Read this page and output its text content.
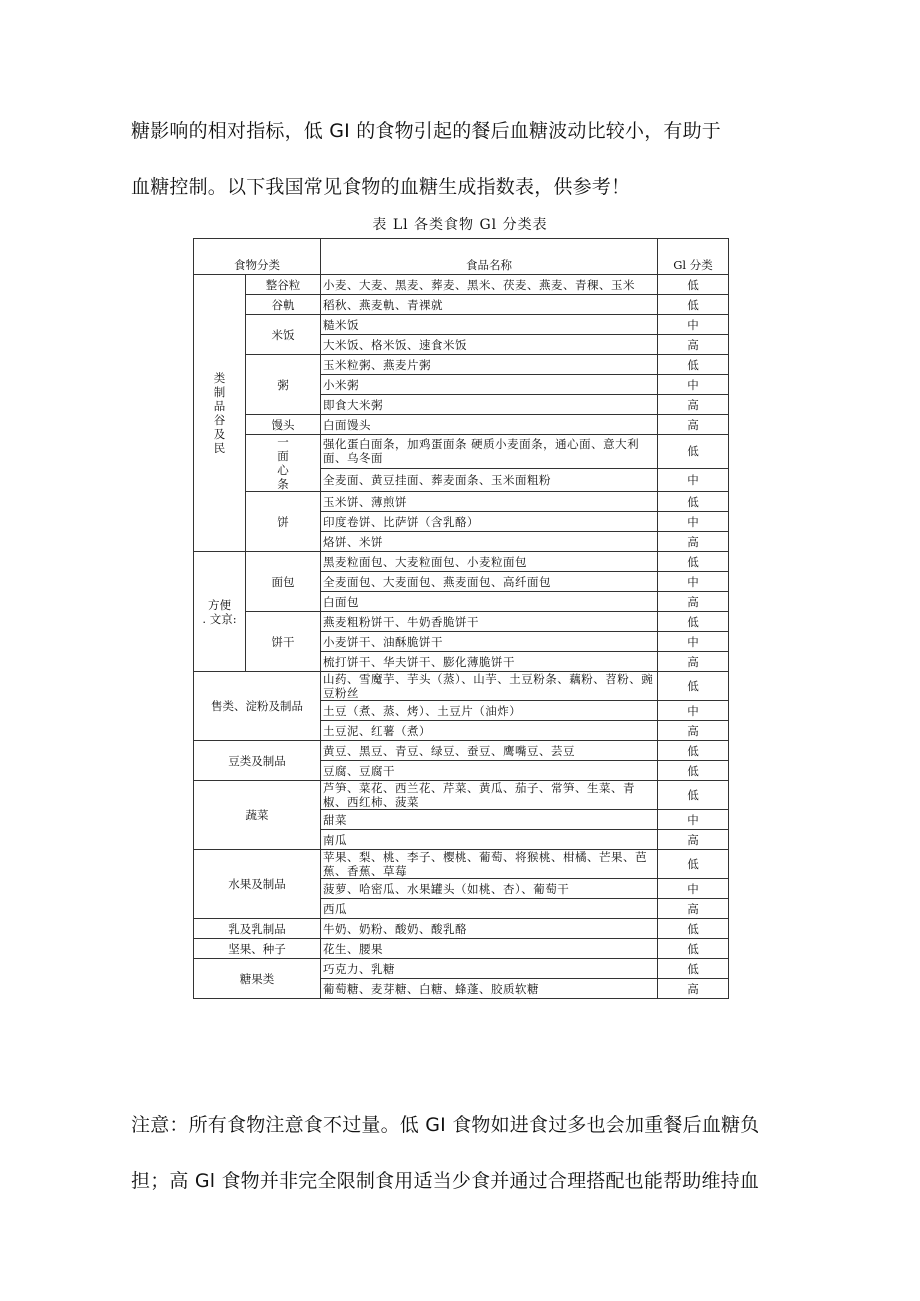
糖影响的相对指标，低 GI 的食物引起的餐后血糖波动比较小，有助于
血糖控制。以下我国常见食物的血糖生成指数表，供参考！
表 Ll 各类食物 Gl 分类表
食物分类		食品名称	Gl 分类
类制品谷及民	整谷粒	小麦、大麦、黑麦、葬麦、黑米、茯麦、燕麦、青稞、玉米	低
	谷軌	稻秋、燕麦軌、青裸就	低
	米饭	糙米饭	中
		大米饭、格米饭、速食米饭	高
	粥	玉米粒粥、燕麦片粥	低
		小米粥	中
		即食大米粥	高
	馒头	白面馒头	高
	一面心条	强化蛋白面条，加鸡蛋面条 硬质小麦面条，通心面、意大利面、乌冬面	低
		全麦面、黄豆挂面、葬麦面条、玉米面粗粉	中
	饼	玉米饼、薄煎饼	低
		印度卷饼、比萨饼（含乳酪）	中
		烙饼、米饼	高

方便
. 文京:	面包	黑麦粒面包、大麦粒面包、小麦粒面包	低
		全麦面包、大麦面包、燕麦面包、高纤面包	中
		白面包	高
	饼干	燕麦粗粉饼干、牛奶香脆饼干	低
		小麦饼干、油酥脆饼干	中
		梳打饼干、华夫饼干、膨化薄脆饼干	高
售类、淀粉及制品		山药、雪魔芋、芋头（蒸）、山芋、土豆粉条、藕粉、苕粉、豌豆粉丝	低
		土豆（煮、蒸、烤）、土豆片（油炸）	中
		土豆泥、红薯（煮）	高
豆类及制品		黄豆、黑豆、青豆、绿豆、蚕豆、鹰嘴豆、芸豆	低
		豆腐、豆腐干	低
蔬菜		芦笋、菜花、西兰花、芹菜、黄瓜、茄子、常笋、生菜、青椒、西红柿、菠菜	低
		甜菜	中
		南瓜	高
水果及制品		苹果、梨、桃、李子、樱桃、葡萄、将猴桃、柑橘、芒果、芭蕉、香蕉、草莓	低
		菠萝、哈密瓜、水果罐头（如桃、杏）、葡萄干	中
		西瓜	高
乳及乳制品		牛奶、奶粉、酸奶、酸乳酪	低
坚果、种子		花生、腰果	低
糖果类		巧克力、乳糖	低
		葡萄糖、麦芽糖、白糖、蜂蓬、胶质软糖	高
注意：所有食物注意食不过量。低 GI 食物如进食过多也会加重餐后血糖负
担；高 Gl 食物并非完全限制食用适当少食并通过合理搭配也能帮助维持血
